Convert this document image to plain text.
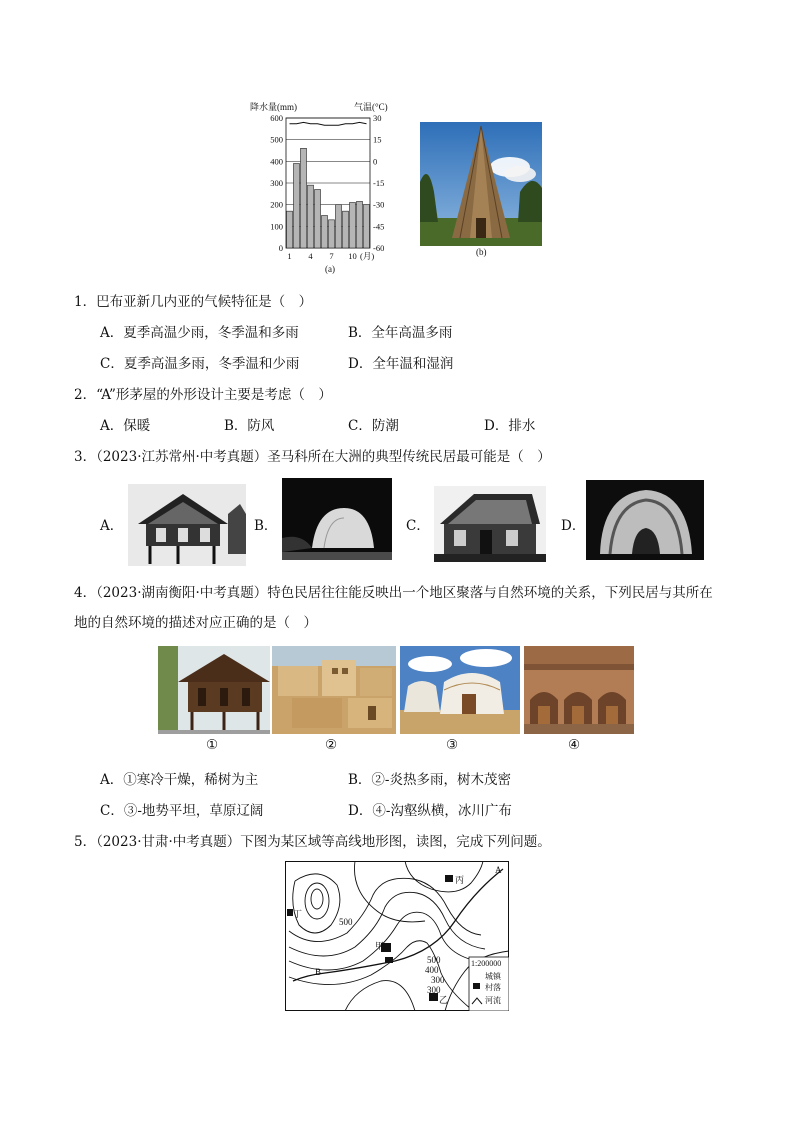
降水量(mm)	气温(°C)
600
500
400
300
200
100
0
30
15
0
-15
-30
-45
-60
1 4 7 10 (月)
(a)
(b)
1．巴布亚新几内亚的气候特征是（　）
A．夏季高温少雨，冬季温和多雨	B．全年高温多雨
C．夏季高温多雨，冬季温和少雨	D．全年温和湿润
2．“A”形茅屋的外形设计主要是考虑（　）
A．保暖	B．防风	C．防潮	D．排水
3．（2023·江苏常州·中考真题）圣马科所在大洲的典型传统民居最可能是（　）
A．	B．	C．	D．
4．（2023·湖南衡阳·中考真题）特色民居往往能反映出一个地区聚落与自然环境的关系，下列民居与其所在
地的自然环境的描述对应正确的是（　）
①	②	③	④
A．①寒冷干燥，稀树为主	B．②-炎热多雨，树木茂密
C．③-地势平坦，草原辽阔	D．④-沟壑纵横，冰川广布
5．（2023·甘肃·中考真题）下图为某区域等高线地形图，读图，完成下列问题。
丙
甲
乙
丁
500
B
A
500
400
300
300
1:200000
城镇
村落
河流
